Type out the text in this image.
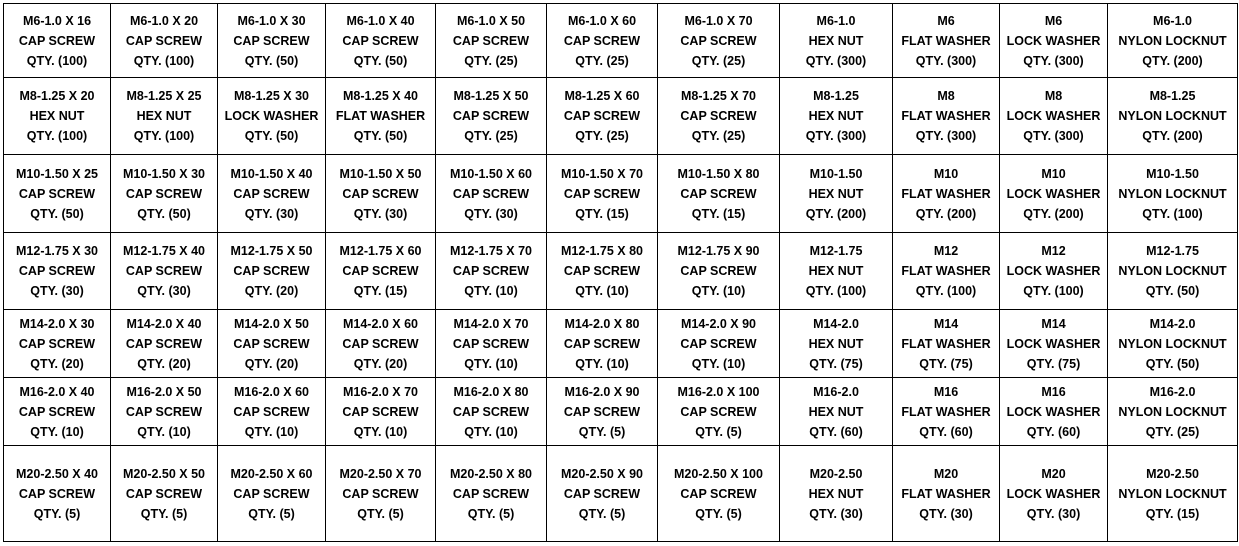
M6-1.0 X 16
CAP SCREW
QTY. (100)	M6-1.0 X 20
CAP SCREW
QTY. (100)	M6-1.0 X 30
CAP SCREW
QTY. (50)	M6-1.0 X 40
CAP SCREW
QTY. (50)	M6-1.0 X 50
CAP SCREW
QTY. (25)	M6-1.0 X 60
CAP SCREW
QTY. (25)	M6-1.0 X 70
CAP SCREW
QTY. (25)	M6-1.0
HEX NUT
QTY. (300)	M6
FLAT WASHER
QTY. (300)	M6
LOCK WASHER
QTY. (300)	M6-1.0
NYLON LOCKNUT
QTY. (200)

M8-1.25 X 20
HEX NUT
QTY. (100)	M8-1.25 X 25
HEX NUT
QTY. (100)	M8-1.25 X 30
LOCK WASHER
QTY. (50)	M8-1.25 X 40
FLAT WASHER
QTY. (50)	M8-1.25 X 50
CAP SCREW
QTY. (25)	M8-1.25 X 60
CAP SCREW
QTY. (25)	M8-1.25 X 70
CAP SCREW
QTY. (25)	M8-1.25
HEX NUT
QTY. (300)	M8
FLAT WASHER
QTY. (300)	M8
LOCK WASHER
QTY. (300)	M8-1.25
NYLON LOCKNUT
QTY. (200)

M10-1.50 X 25
CAP SCREW
QTY. (50)	M10-1.50 X 30
CAP SCREW
QTY. (50)	M10-1.50 X 40
CAP SCREW
QTY. (30)	M10-1.50 X 50
CAP SCREW
QTY. (30)	M10-1.50 X 60
CAP SCREW
QTY. (30)	M10-1.50 X 70
CAP SCREW
QTY. (15)	M10-1.50 X 80
CAP SCREW
QTY. (15)	M10-1.50
HEX NUT
QTY. (200)	M10
FLAT WASHER
QTY. (200)	M10
LOCK WASHER
QTY. (200)	M10-1.50
NYLON LOCKNUT
QTY. (100)

M12-1.75 X 30
CAP SCREW
QTY. (30)	M12-1.75 X 40
CAP SCREW
QTY. (30)	M12-1.75 X 50
CAP SCREW
QTY. (20)	M12-1.75 X 60
CAP SCREW
QTY. (15)	M12-1.75 X 70
CAP SCREW
QTY. (10)	M12-1.75 X 80
CAP SCREW
QTY. (10)	M12-1.75 X 90
CAP SCREW
QTY. (10)	M12-1.75
HEX NUT
QTY. (100)	M12
FLAT WASHER
QTY. (100)	M12
LOCK WASHER
QTY. (100)	M12-1.75
NYLON LOCKNUT
QTY. (50)

M14-2.0 X 30
CAP SCREW
QTY. (20)	M14-2.0 X 40
CAP SCREW
QTY. (20)	M14-2.0 X 50
CAP SCREW
QTY. (20)	M14-2.0 X 60
CAP SCREW
QTY. (20)	M14-2.0 X 70
CAP SCREW
QTY. (10)	M14-2.0 X 80
CAP SCREW
QTY. (10)	M14-2.0 X 90
CAP SCREW
QTY. (10)	M14-2.0
HEX NUT
QTY. (75)	M14
FLAT WASHER
QTY. (75)	M14
LOCK WASHER
QTY. (75)	M14-2.0
NYLON LOCKNUT
QTY. (50)

M16-2.0 X 40
CAP SCREW
QTY. (10)	M16-2.0 X 50
CAP SCREW
QTY. (10)	M16-2.0 X 60
CAP SCREW
QTY. (10)	M16-2.0 X 70
CAP SCREW
QTY. (10)	M16-2.0 X 80
CAP SCREW
QTY. (10)	M16-2.0 X 90
CAP SCREW
QTY. (5)	M16-2.0 X 100
CAP SCREW
QTY. (5)	M16-2.0
HEX NUT
QTY. (60)	M16
FLAT WASHER
QTY. (60)	M16
LOCK WASHER
QTY. (60)	M16-2.0
NYLON LOCKNUT
QTY. (25)

M20-2.50 X 40
CAP SCREW
QTY. (5)	M20-2.50 X 50
CAP SCREW
QTY. (5)	M20-2.50 X 60
CAP SCREW
QTY. (5)	M20-2.50 X 70
CAP SCREW
QTY. (5)	M20-2.50 X 80
CAP SCREW
QTY. (5)	M20-2.50 X 90
CAP SCREW
QTY. (5)	M20-2.50 X 100
CAP SCREW
QTY. (5)	M20-2.50
HEX NUT
QTY. (30)	M20
FLAT WASHER
QTY. (30)	M20
LOCK WASHER
QTY. (30)	M20-2.50
NYLON LOCKNUT
QTY. (15)
